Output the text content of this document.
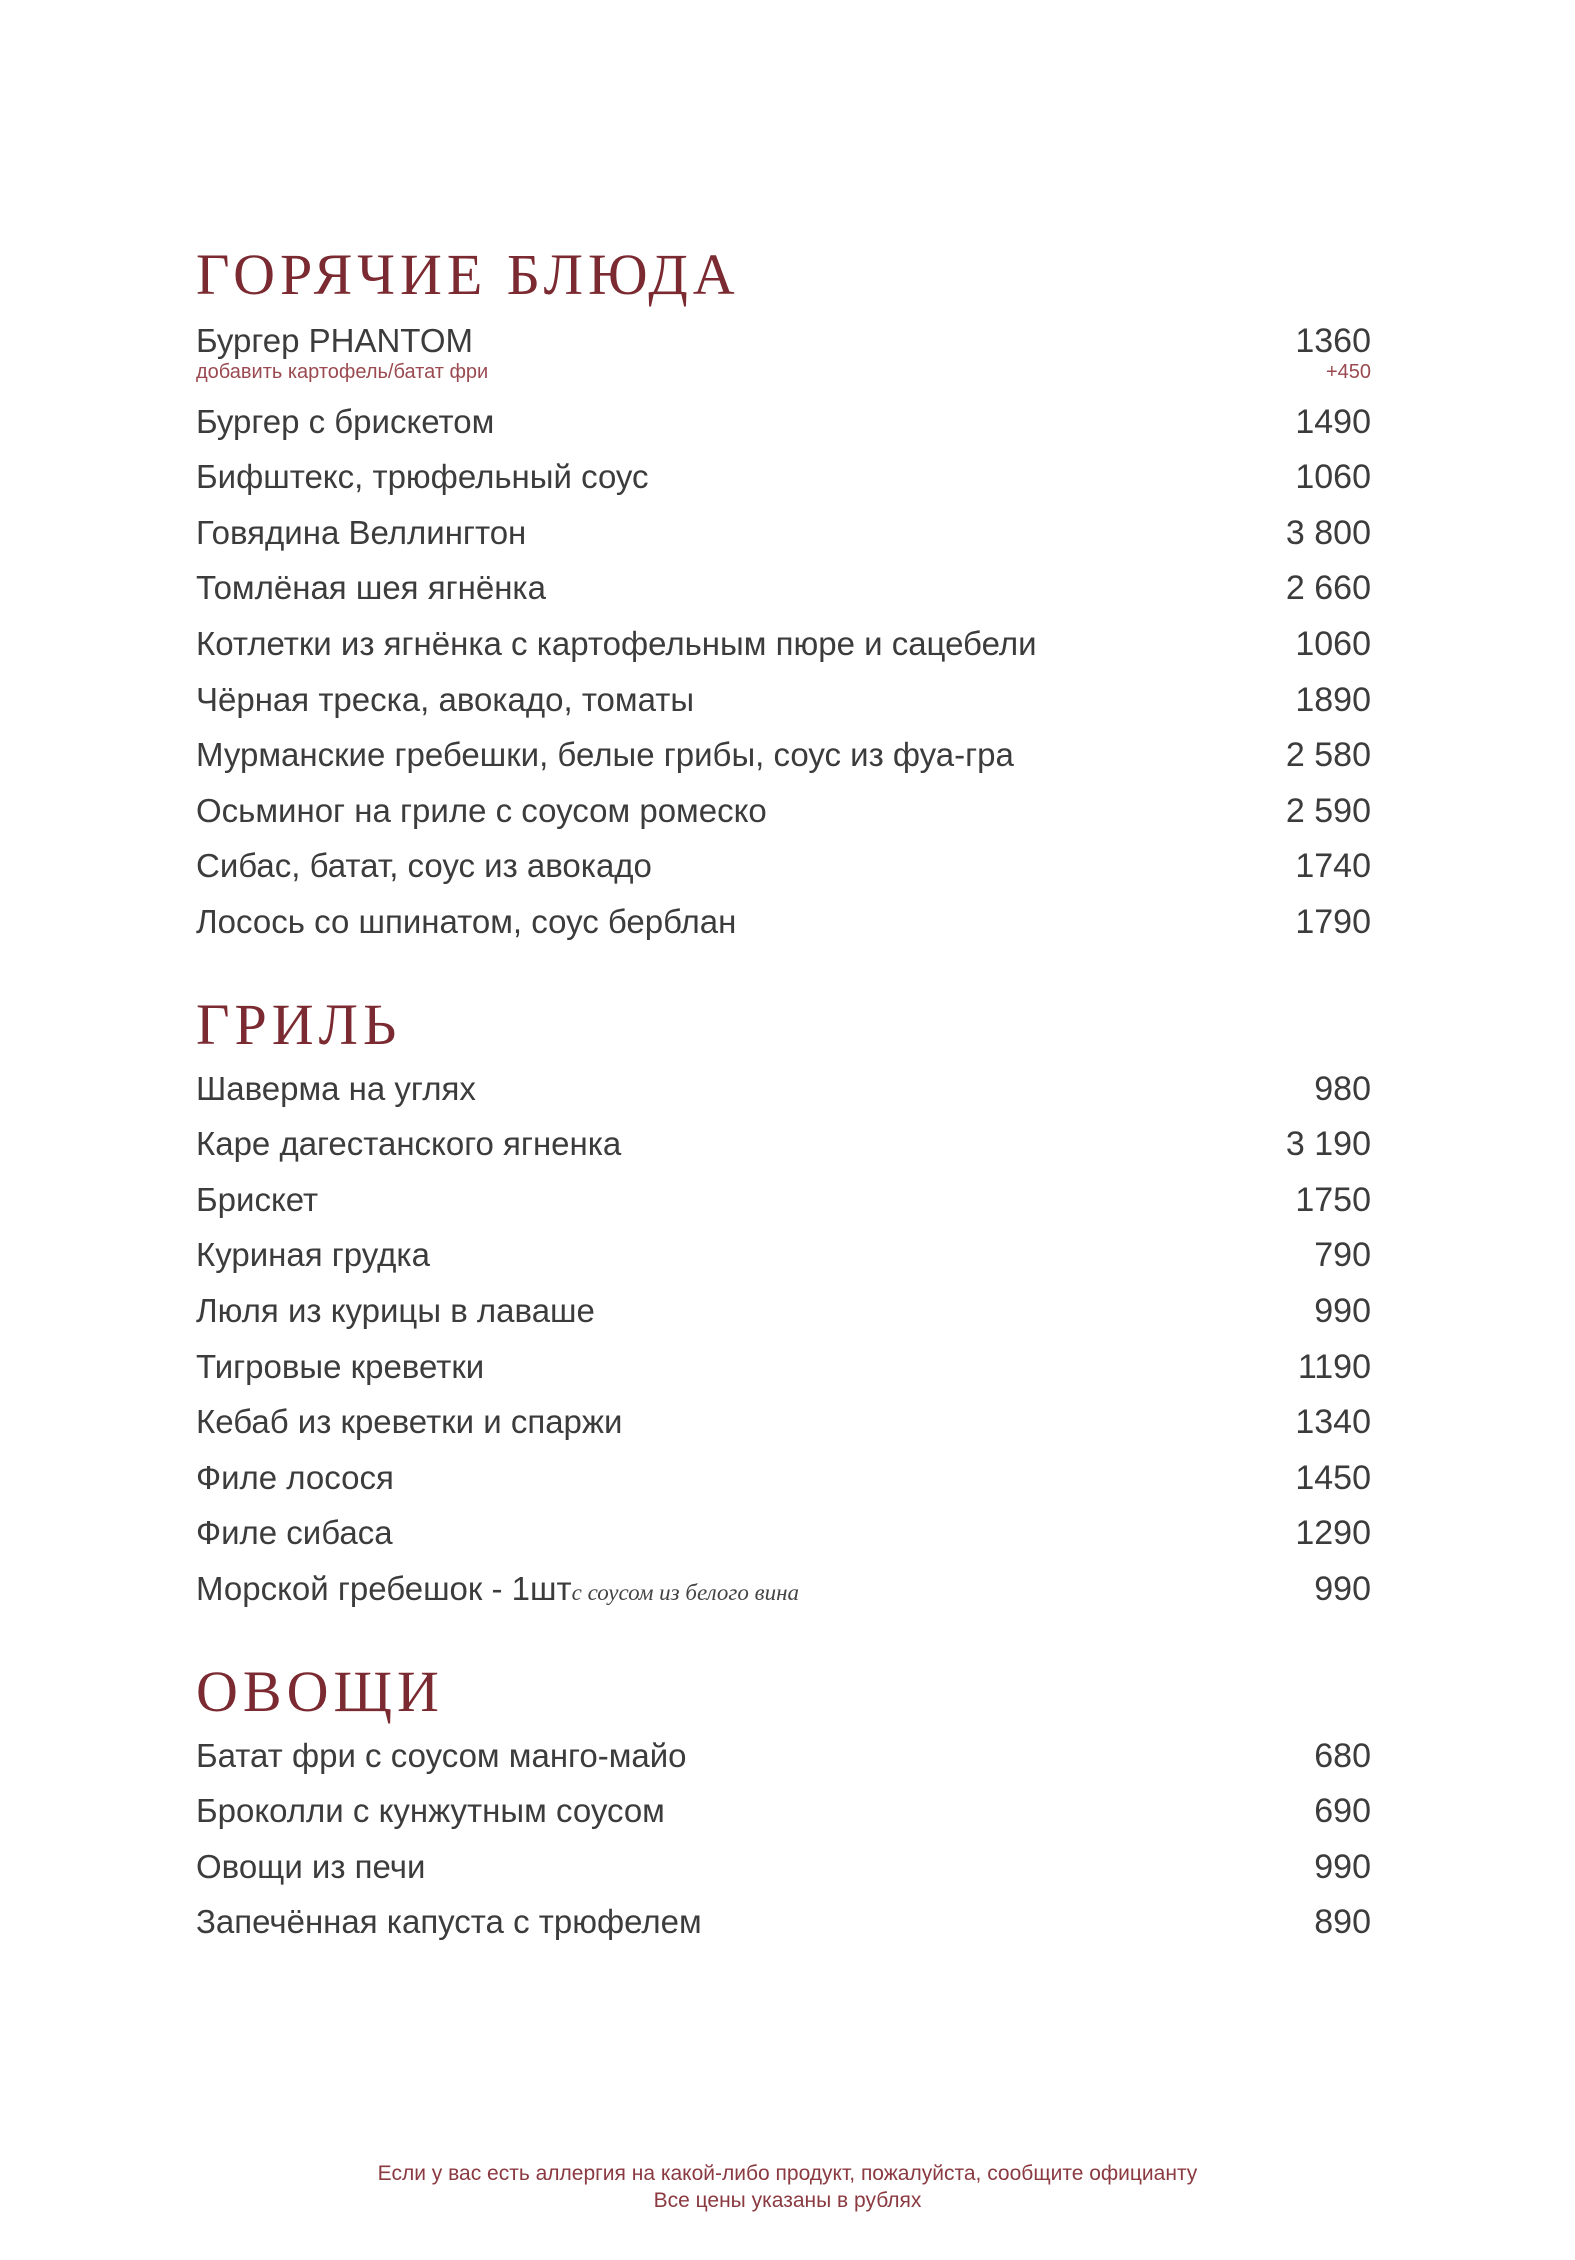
ГОРЯЧИЕ БЛЮДА
Бургер PHANTOM	1360
добавить картофель/батат фри	+450
Бургер с брискетом	1490
Бифштекс, трюфельный соус	1060
Говядина Веллингтон	3 800
Томлёная шея ягнёнка	2 660
Котлетки из ягнёнка с картофельным пюре и сацебели	1060
Чёрная треска, авокадо, томаты	1890
Мурманские гребешки, белые грибы, соус из фуа-гра	2 580
Осьминог на гриле с соусом ромеско	2 590
Сибас, батат, соус из авокадо	1740
Лосось со шпинатом, соус берблан	1790
ГРИЛЬ
Шаверма на углях	980
Каре дагестанского ягненка	3 190
Брискет	1750
Куриная грудка	790
Люля из курицы в лаваше	990
Тигровые креветки	1190
Кебаб из креветки и спаржи	1340
Филе лосося	1450
Филе сибаса	1290
Морской гребешок - 1штс соусом из белого вина	990
ОВОЩИ
Батат фри с соусом манго-майо	680
Броколли с кунжутным соусом	690
Овощи из печи	990
Запечённая капуста с трюфелем	890
Если у вас есть аллергия на какой-либо продукт, пожалуйста, сообщите официанту
Все цены указаны в рублях
